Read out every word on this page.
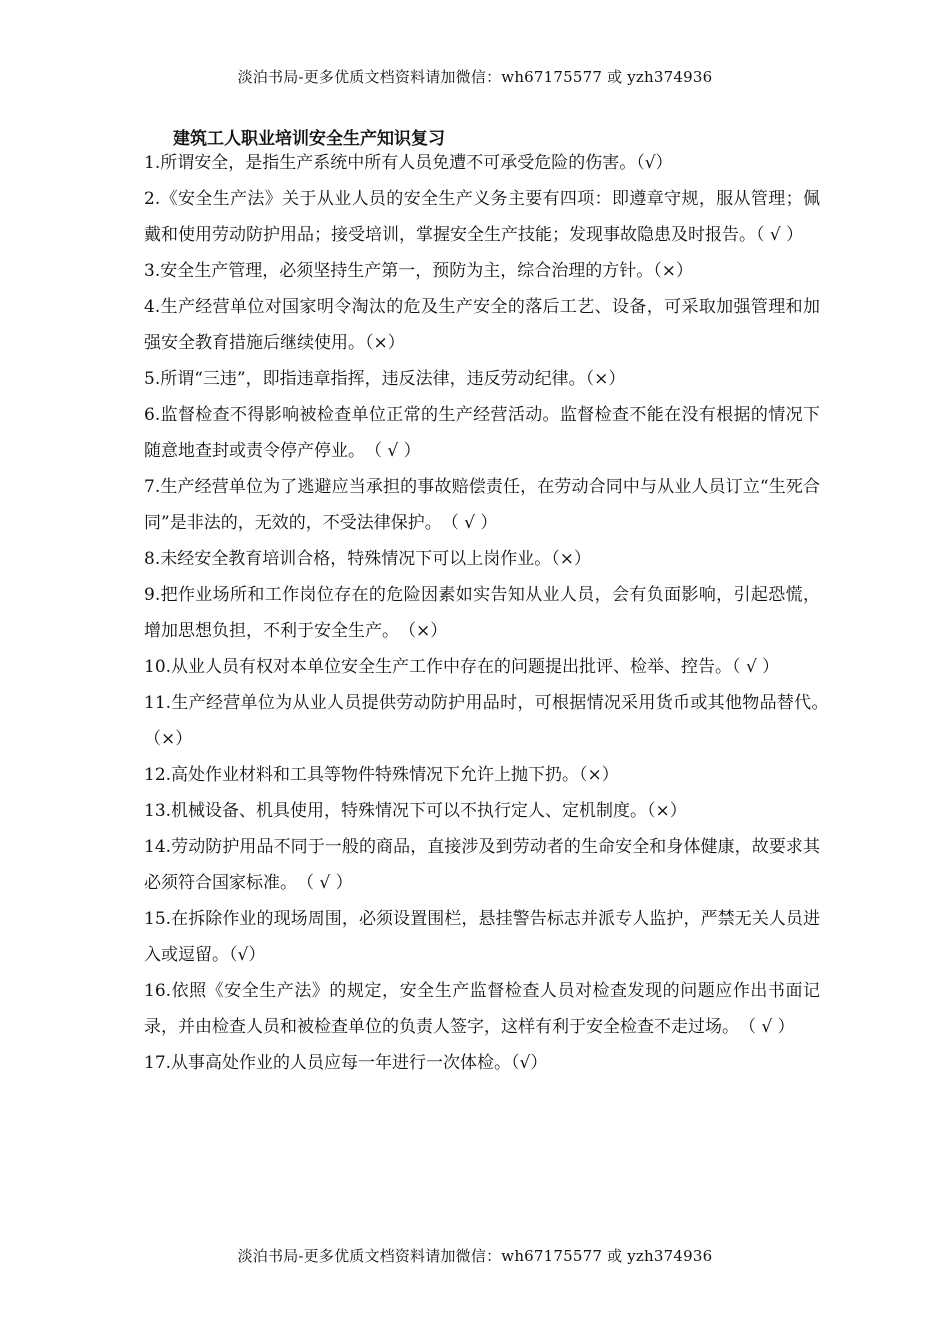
淡泊书局-更多优质文档资料请加微信：wh67175577 或 yzh374936
建筑工人职业培训安全生产知识复习

1.所谓安全，是指生产系统中所有人员免遭不可承受危险的伤害。（√）

2.《安全生产法》关于从业人员的安全生产义务主要有四项：即遵章守规，服从管理；佩戴和使用劳动防护用品；接受培训，掌握安全生产技能；发现事故隐患及时报告。（ √ ）

3.安全生产管理，必须坚持生产第一，预防为主，综合治理的方针。（×）

4.生产经营单位对国家明令淘汰的危及生产安全的落后工艺、设备，可采取加强管理和加强安全教育措施后继续使用。（×）

5.所谓“三违”，即指违章指挥，违反法律，违反劳动纪律。（×）

6.监督检查不得影响被检查单位正常的生产经营活动。监督检查不能在没有根据的情况下随意地查封或责令停产停业。　（ √ ）

7.生产经营单位为了逃避应当承担的事故赔偿责任，在劳动合同中与从业人员订立“生死合同”是非法的，无效的，不受法律保护。　（ √ ）

8.未经安全教育培训合格，特殊情况下可以上岗作业。（×）

9.把作业场所和工作岗位存在的危险因素如实告知从业人员，会有负面影响，引起恐慌，增加思想负担，不利于安全生产。　（×）

10.从业人员有权对本单位安全生产工作中存在的问题提出批评、检举、控告。（ √ ）

11.生产经营单位为从业人员提供劳动防护用品时，可根据情况采用货币或其他物品替代。　（×）

12.高处作业材料和工具等物件特殊情况下允许上抛下扔。（×）

13.机械设备、机具使用，特殊情况下可以不执行定人、定机制度。（×）

14.劳动防护用品不同于一般的商品，直接涉及到劳动者的生命安全和身体健康，故要求其必须符合国家标准。　（ √ ）

15.在拆除作业的现场周围，必须设置围栏，悬挂警告标志并派专人监护，严禁无关人员进入或逗留。（√）

16.依照《安全生产法》的规定，安全生产监督检查人员对检查发现的问题应作出书面记录，并由检查人员和被检查单位的负责人签字，这样有利于安全检查不走过场。　（ √ ）

17.从事高处作业的人员应每一年进行一次体检。（√）

淡泊书局-更多优质文档资料请加微信：wh67175577 或 yzh374936
